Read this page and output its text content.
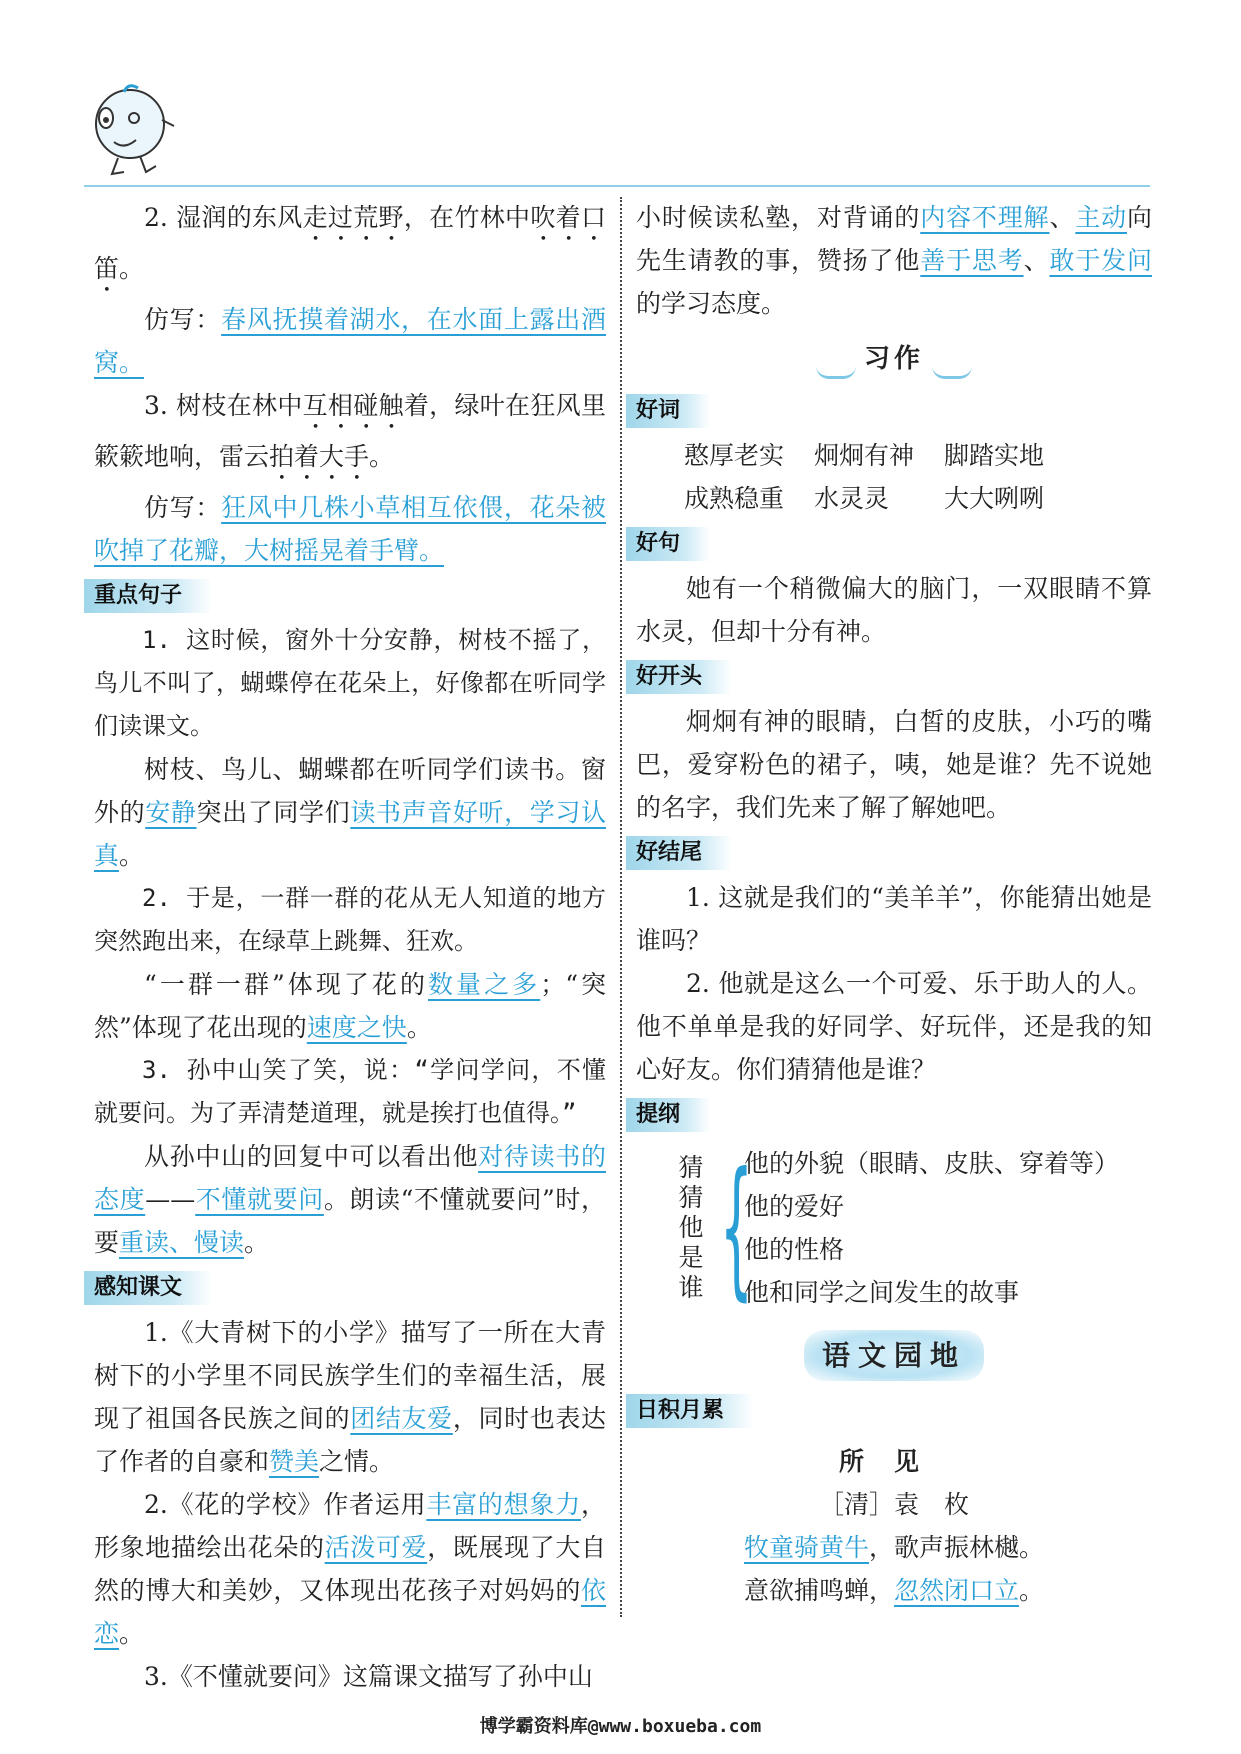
2. 湿润的东风走过荒野，在竹林中吹着口笛。

仿写：春风抚摸着湖水，在水面上露出酒窝。

3. 树枝在林中互相碰触着，绿叶在狂风里簌簌地响，雷云拍着大手。

仿写：狂风中几株小草相互依偎，花朵被吹掉了花瓣，大树摇晃着手臂。

重点句子

1. 这时候，窗外十分安静，树枝不摇了，鸟儿不叫了，蝴蝶停在花朵上，好像都在听同学们读课文。

树枝、鸟儿、蝴蝶都在听同学们读书。窗外的安静突出了同学们读书声音好听，学习认真。

2. 于是，一群一群的花从无人知道的地方突然跑出来，在绿草上跳舞、狂欢。

“一群一群”体现了花的数量之多；“突然”体现了花出现的速度之快。

3. 孙中山笑了笑，说：“学问学问，不懂就要问。为了弄清楚道理，就是挨打也值得。”

从孙中山的回复中可以看出他对待读书的态度——不懂就要问。朗读“不懂就要问”时，要重读、慢读。

感知课文

1.《大青树下的小学》描写了一所在大青树下的小学里不同民族学生们的幸福生活，展现了祖国各民族之间的团结友爱，同时也表达了作者的自豪和赞美之情。

2.《花的学校》作者运用丰富的想象力，形象地描绘出花朵的活泼可爱，既展现了大自然的博大和美妙，又体现出花孩子对妈妈的依恋。

3.《不懂就要问》这篇课文描写了孙中山

小时候读私塾，对背诵的内容不理解、主动向先生请教的事，赞扬了他善于思考、敢于发问的学习态度。

习作
好词
憨厚老实	炯炯有神	脚踏实地
成熟稳重	水灵灵	大大咧咧
好句

她有一个稍微偏大的脑门，一双眼睛不算水灵，但却十分有神。

好开头

炯炯有神的眼睛，白皙的皮肤，小巧的嘴巴，爱穿粉色的裙子，咦，她是谁？先不说她的名字，我们先来了解了解她吧。

好结尾

1. 这就是我们的“美羊羊”，你能猜出她是谁吗？

2. 他就是这么一个可爱、乐于助人的人。他不单单是我的好同学、好玩伴，还是我的知心好友。你们猜猜他是谁？

提纲
猜
猜
他
是
谁 {
他的外貌（眼睛、皮肤、穿着等）
他的爱好
他的性格
他和同学之间发生的故事
语文园地
日积月累
所见
［清］袁　枚
牧童骑黄牛，歌声振林樾。
意欲捕鸣蝉，忽然闭口立。
博学霸资料库@www.boxueba.com
